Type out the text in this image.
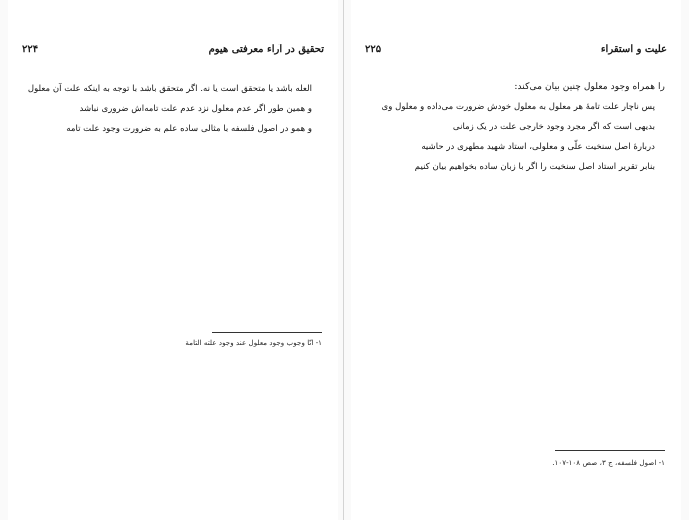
تحقیق در آراء معرفتی هیوم
۲۲۴

العله باشد یا متحقق است یا نه. اگر متحقق باشد با توجه به اینکه علت آن معلول

و همین طور اگر عدم معلول نزد عدم علت تامه‌اش ضروری نباشد

و همو در اصول فلسفه با مثالی ساده علم به ضرورت وجود علت تامه

۱- انّا وجوب وجود معلول عند وجود علته التامة

علیت و استقراء
۲۲۵

را همراه وجود معلول چنین بیان می‌کند:

پس ناچار علت تامهٔ هر معلول به معلول خودش ضرورت می‌داده و معلول وی

بدیهی است که اگر مجرد وجود خارجی علت در یک زمانی

دربارهٔ اصل سنخیت علّی و معلولی، استاد شهید مطهری در حاشیه

بنابر تقریر استاد اصل سنخیت را اگر با زبان ساده بخواهیم بیان کنیم

۱- اصول فلسفه، ج ۳، صص ۱۰۸-۱۰۷.
